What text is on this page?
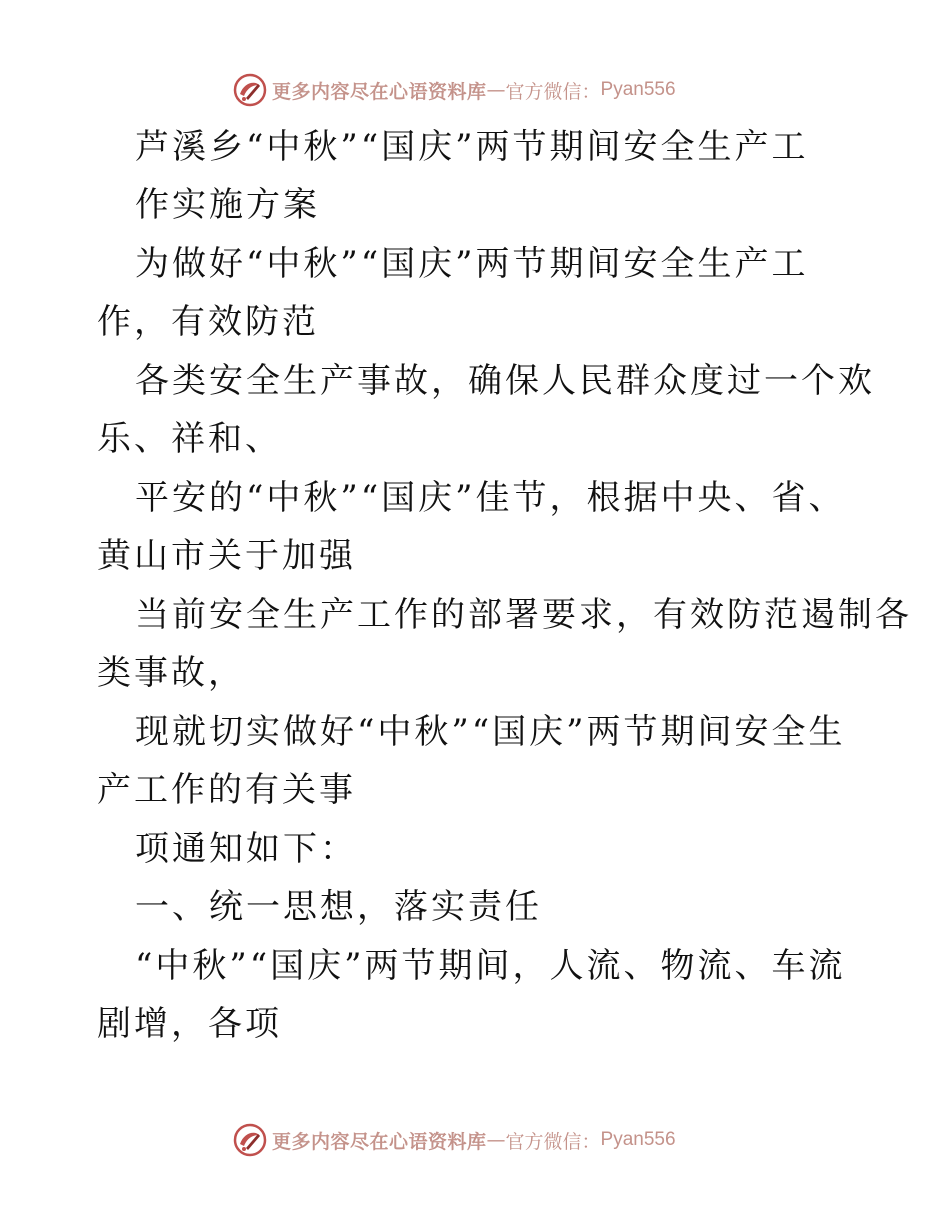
更多内容尽在心语资料库 — 官方微信： Pyan556

芦溪乡“中秋”“国庆”两节期间安全生产工

作实施方案

为做好“中秋”“国庆”两节期间安全生产工

作，有效防范

各类安全生产事故，确保人民群众度过一个欢

乐、祥和、

平安的“中秋”“国庆”佳节，根据中央、省、

黄山市关于加强

当前安全生产工作的部署要求，有效防范遏制各

类事故，

现就切实做好“中秋”“国庆”两节期间安全生

产工作的有关事

项通知如下：

一、统一思想，落实责任

“中秋”“国庆”两节期间，人流、物流、车流

剧增，各项

更多内容尽在心语资料库 — 官方微信： Pyan556
